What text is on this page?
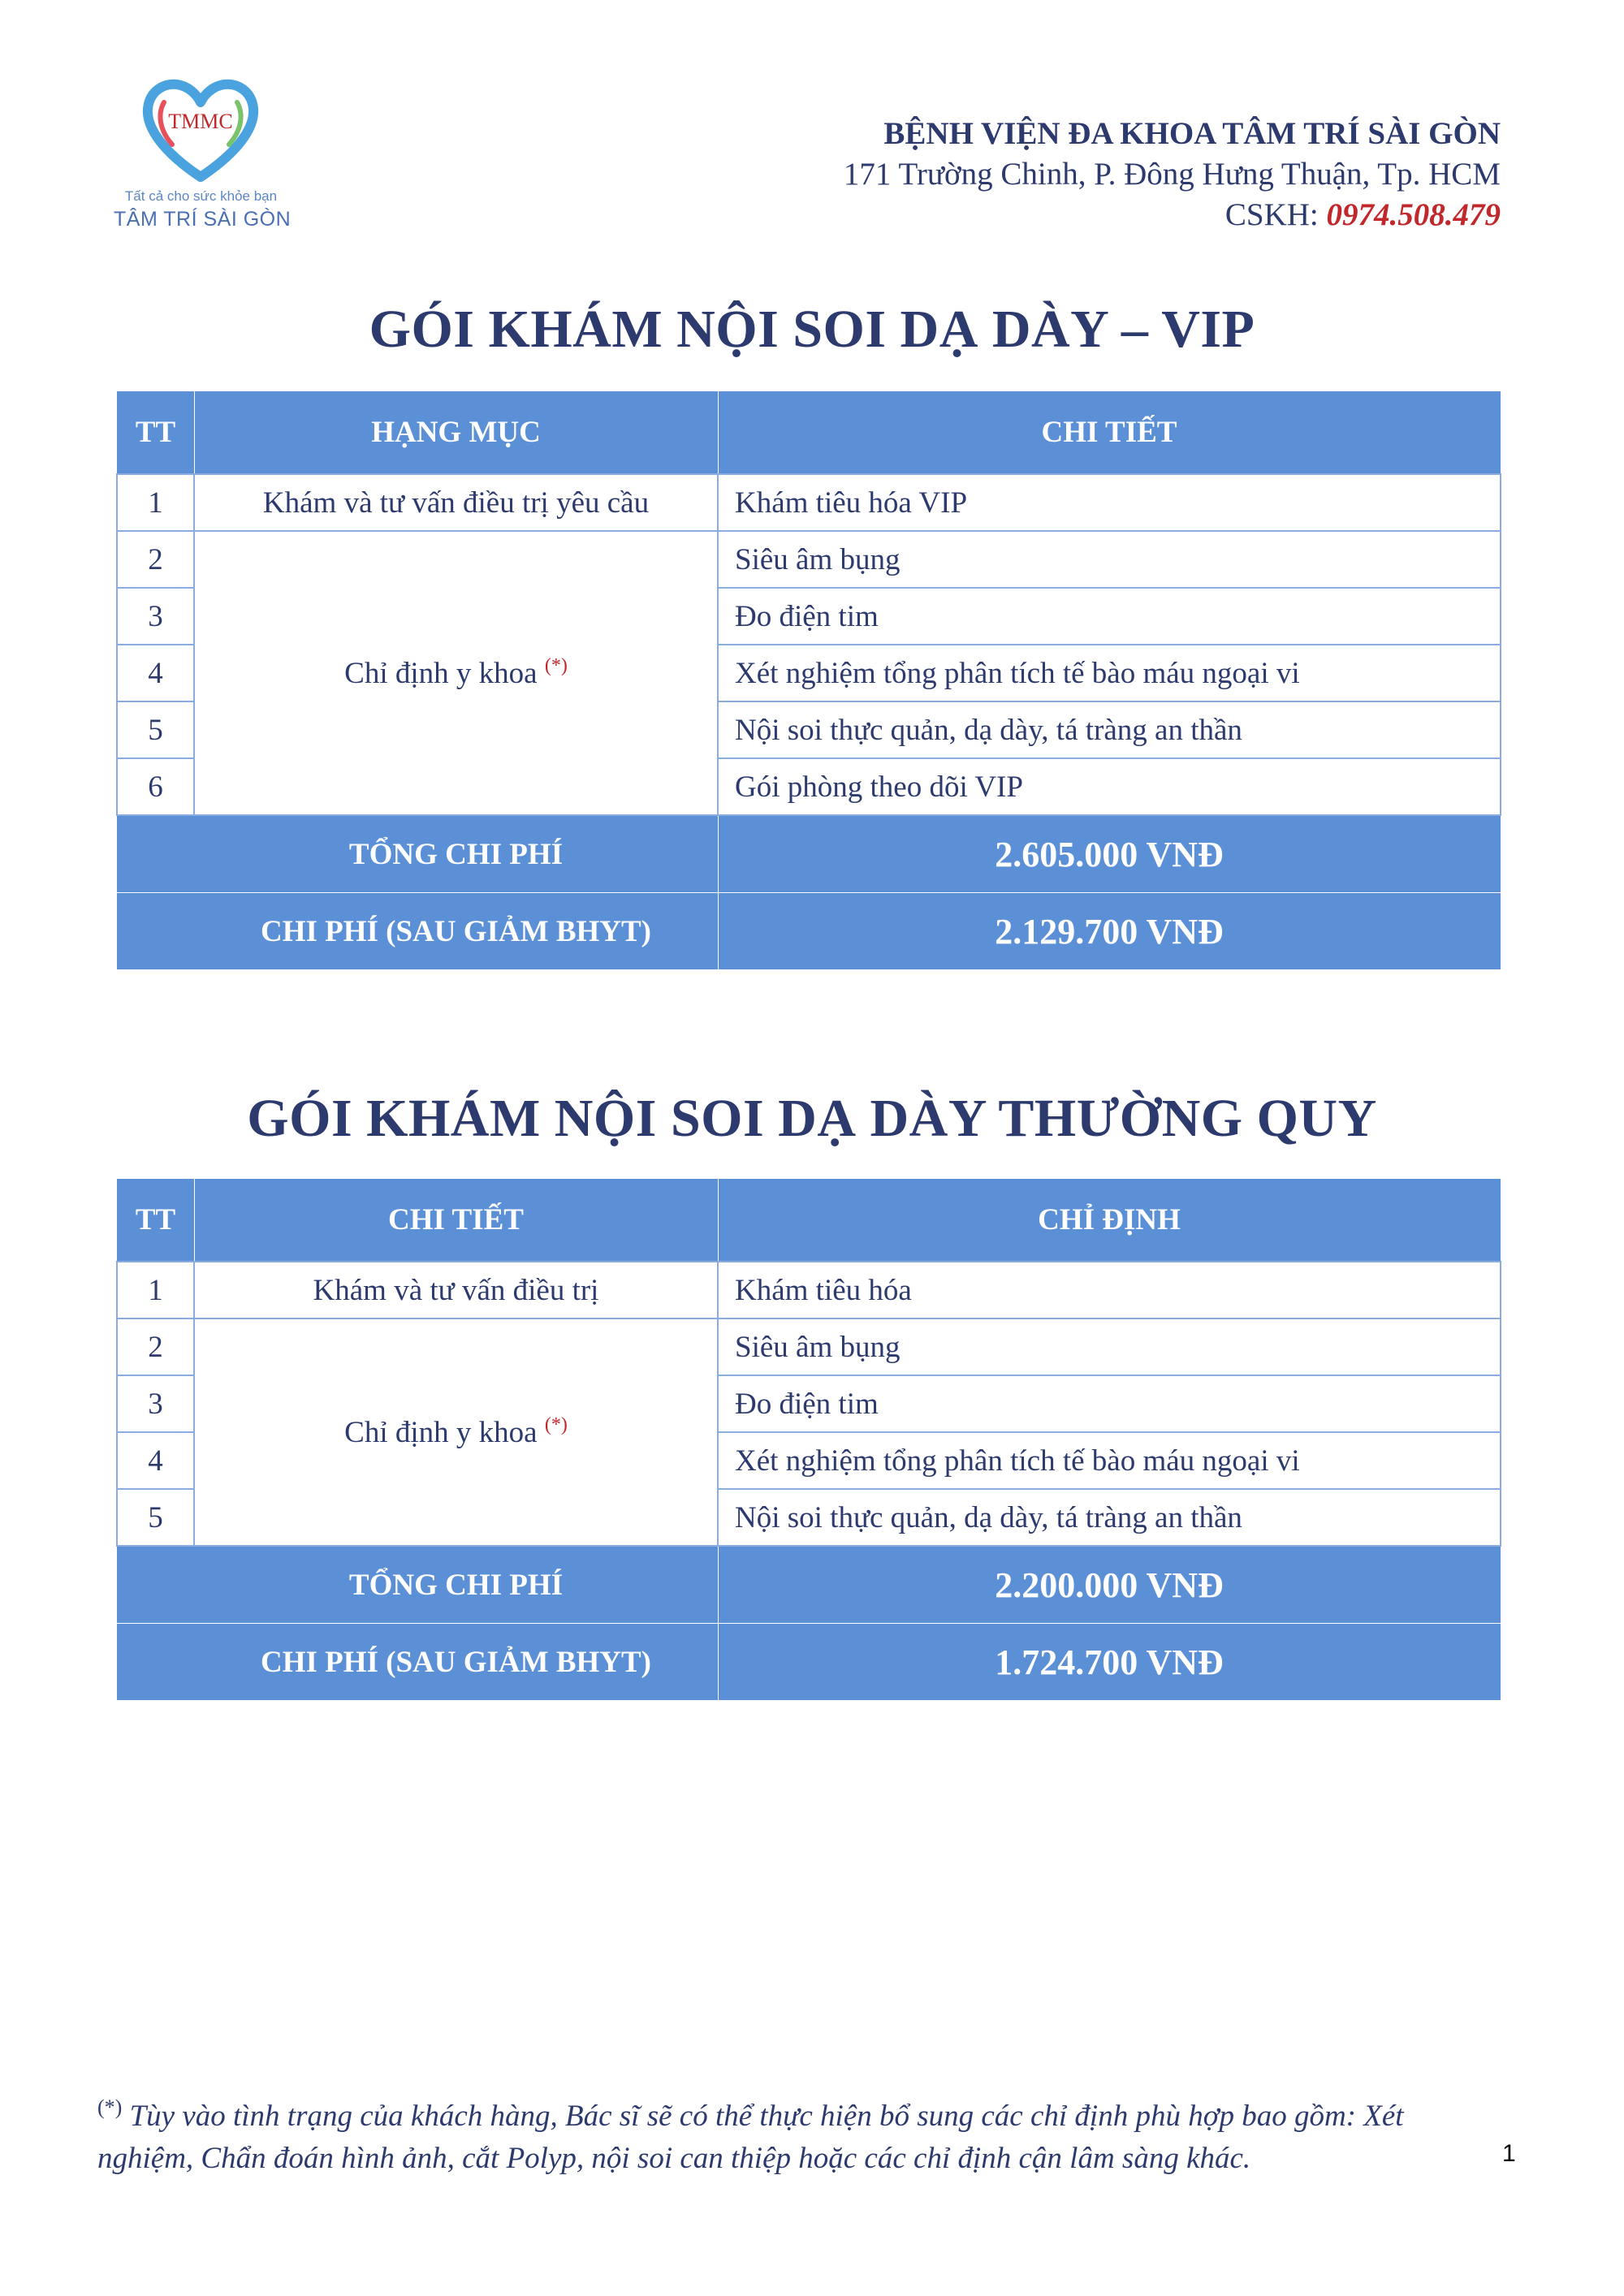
TMMC
Tất cả cho sức khỏe bạn
TÂM TRÍ SÀI GÒN
BỆNH VIỆN ĐA KHOA TÂM TRÍ SÀI GÒN
171 Trường Chinh, P. Đông Hưng Thuận, Tp. HCM
CSKH: 0974.508.479
GÓI KHÁM NỘI SOI DẠ DÀY – VIP
TT	HẠNG MỤC	CHI TIẾT
1	Khám và tư vấn điều trị yêu cầu	Khám tiêu hóa VIP
2	Chỉ định y khoa (*)	Siêu âm bụng
3		Đo điện tim
4		Xét nghiệm tổng phân tích tế bào máu ngoại vi
5		Nội soi thực quản, dạ dày, tá tràng an thần
6		Gói phòng theo dõi VIP
	TỔNG CHI PHÍ	2.605.000 VNĐ
	CHI PHÍ (SAU GIẢM BHYT)	2.129.700 VNĐ
GÓI KHÁM NỘI SOI DẠ DÀY THƯỜNG QUY
TT	CHI TIẾT	CHỈ ĐỊNH
1	Khám và tư vấn điều trị	Khám tiêu hóa
2	Chỉ định y khoa (*)	Siêu âm bụng
3		Đo điện tim
4		Xét nghiệm tổng phân tích tế bào máu ngoại vi
5		Nội soi thực quản, dạ dày, tá tràng an thần
	TỔNG CHI PHÍ	2.200.000 VNĐ
	CHI PHÍ (SAU GIẢM BHYT)	1.724.700 VNĐ
(*) Tùy vào tình trạng của khách hàng, Bác sĩ sẽ có thể thực hiện bổ sung các chỉ định phù hợp bao gồm: Xét nghiệm, Chẩn đoán hình ảnh, cắt Polyp, nội soi can thiệp hoặc các chỉ định cận lâm sàng khác.	1
